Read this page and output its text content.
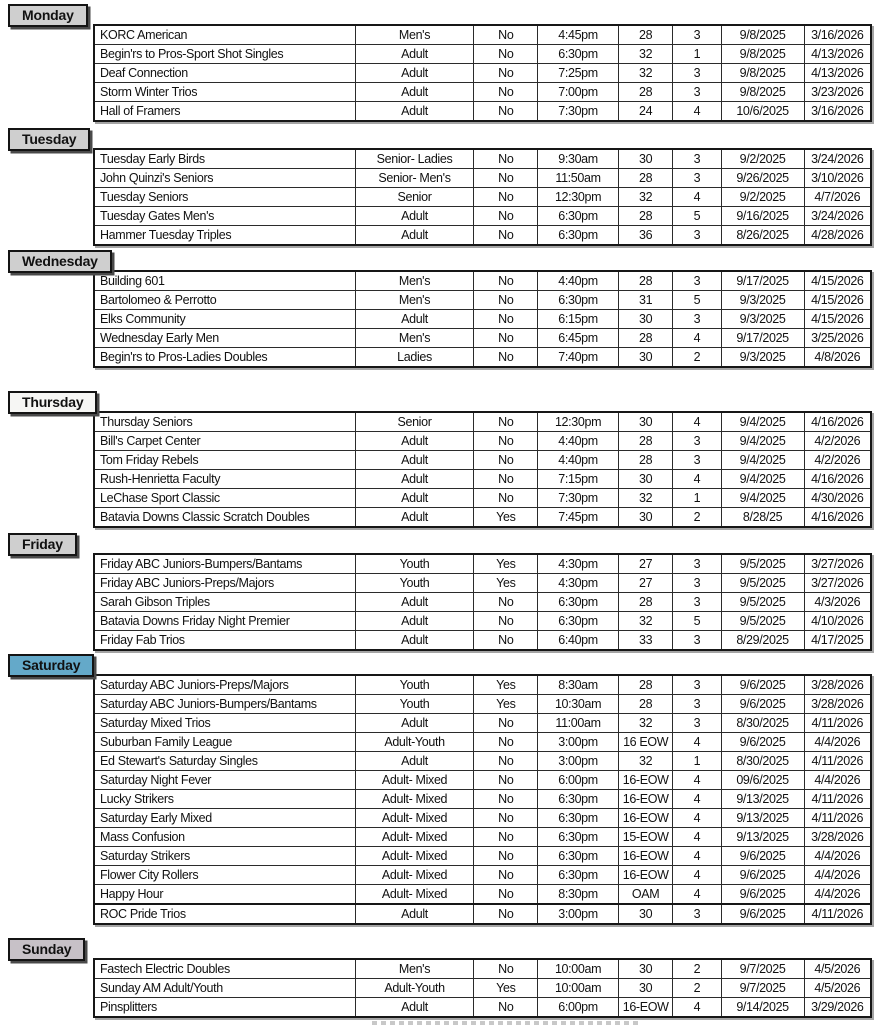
Monday
KORC American	Men's	No	4:45pm	28	3	9/8/2025	3/16/2026
Begin'rs to Pros-Sport Shot Singles	Adult	No	6:30pm	32	1	9/8/2025	4/13/2026
Deaf Connection	Adult	No	7:25pm	32	3	9/8/2025	4/13/2026
Storm Winter Trios	Adult	No	7:00pm	28	3	9/8/2025	3/23/2026
Hall of Framers	Adult	No	7:30pm	24	4	10/6/2025	3/16/2026
Tuesday
Tuesday Early Birds	Senior- Ladies	No	9:30am	30	3	9/2/2025	3/24/2026
John Quinzi's Seniors	Senior- Men's	No	11:50am	28	3	9/26/2025	3/10/2026
Tuesday Seniors	Senior	No	12:30pm	32	4	9/2/2025	4/7/2026
Tuesday Gates Men's	Adult	No	6:30pm	28	5	9/16/2025	3/24/2026
Hammer Tuesday Triples	Adult	No	6:30pm	36	3	8/26/2025	4/28/2026
Wednesday
Building 601	Men's	No	4:40pm	28	3	9/17/2025	4/15/2026
Bartolomeo & Perrotto	Men's	No	6:30pm	31	5	9/3/2025	4/15/2026
Elks Community	Adult	No	6:15pm	30	3	9/3/2025	4/15/2026
Wednesday Early Men	Men's	No	6:45pm	28	4	9/17/2025	3/25/2026
Begin'rs to Pros-Ladies Doubles	Ladies	No	7:40pm	30	2	9/3/2025	4/8/2026
Thursday
Thursday Seniors	Senior	No	12:30pm	30	4	9/4/2025	4/16/2026
Bill's Carpet Center	Adult	No	4:40pm	28	3	9/4/2025	4/2/2026
Tom Friday Rebels	Adult	No	4:40pm	28	3	9/4/2025	4/2/2026
Rush-Henrietta Faculty	Adult	No	7:15pm	30	4	9/4/2025	4/16/2026
LeChase Sport Classic	Adult	No	7:30pm	32	1	9/4/2025	4/30/2026
Batavia Downs Classic Scratch Doubles	Adult	Yes	7:45pm	30	2	8/28/25	4/16/2026
Friday
Friday ABC Juniors-Bumpers/Bantams	Youth	Yes	4:30pm	27	3	9/5/2025	3/27/2026
Friday ABC Juniors-Preps/Majors	Youth	Yes	4:30pm	27	3	9/5/2025	3/27/2026
Sarah Gibson Triples	Adult	No	6:30pm	28	3	9/5/2025	4/3/2026
Batavia Downs Friday Night Premier	Adult	No	6:30pm	32	5	9/5/2025	4/10/2026
Friday Fab Trios	Adult	No	6:40pm	33	3	8/29/2025	4/17/2025
Saturday
Saturday ABC Juniors-Preps/Majors	Youth	Yes	8:30am	28	3	9/6/2025	3/28/2026
Saturday ABC Juniors-Bumpers/Bantams	Youth	Yes	10:30am	28	3	9/6/2025	3/28/2026
Saturday Mixed Trios	Adult	No	11:00am	32	3	8/30/2025	4/11/2026
Suburban Family League	Adult-Youth	No	3:00pm	16 EOW	4	9/6/2025	4/4/2026
Ed Stewart's Saturday Singles	Adult	No	3:00pm	32	1	8/30/2025	4/11/2026
Saturday Night Fever	Adult- Mixed	No	6:00pm	16-EOW	4	09/6/2025	4/4/2026
Lucky Strikers	Adult- Mixed	No	6:30pm	16-EOW	4	9/13/2025	4/11/2026
Saturday Early Mixed	Adult- Mixed	No	6:30pm	16-EOW	4	9/13/2025	4/11/2026
Mass Confusion	Adult- Mixed	No	6:30pm	15-EOW	4	9/13/2025	3/28/2026
Saturday Strikers	Adult- Mixed	No	6:30pm	16-EOW	4	9/6/2025	4/4/2026
Flower City Rollers	Adult- Mixed	No	6:30pm	16-EOW	4	9/6/2025	4/4/2026
Happy Hour	Adult- Mixed	No	8:30pm	OAM	4	9/6/2025	4/4/2026
ROC Pride Trios	Adult	No	3:00pm	30	3	9/6/2025	4/11/2026
Sunday
Fastech Electric Doubles	Men's	No	10:00am	30	2	9/7/2025	4/5/2026
Sunday AM Adult/Youth	Adult-Youth	Yes	10:00am	30	2	9/7/2025	4/5/2026
Pinsplitters	Adult	No	6:00pm	16-EOW	4	9/14/2025	3/29/2026
